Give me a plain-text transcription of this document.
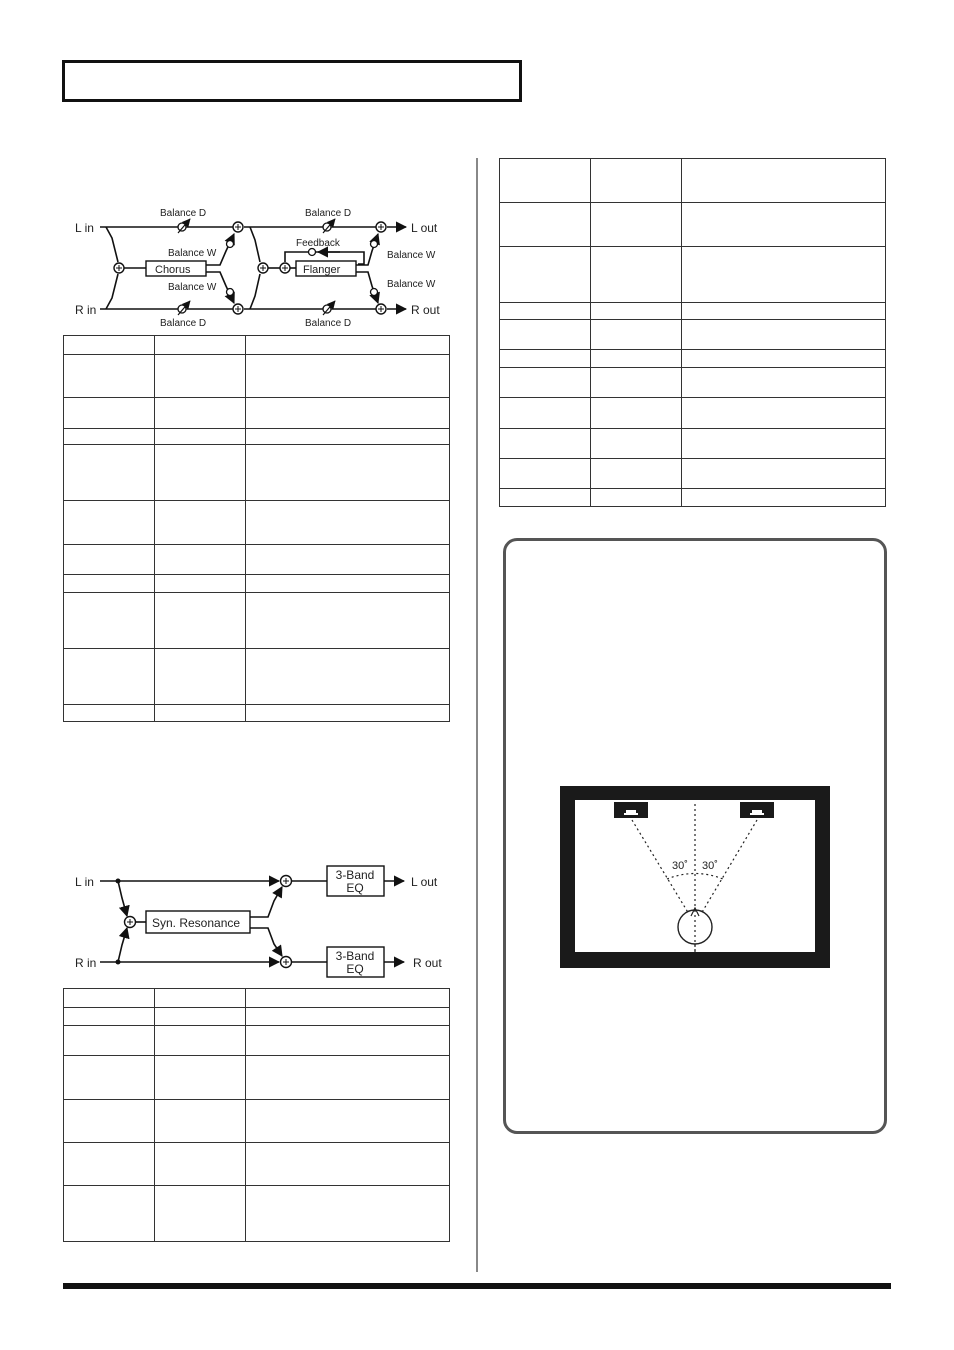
L in
R in
L out
R out
Balance D	Balance D
Balance D	Balance D
Balance W
Balance W
Balance W
Balance W
Feedback
Chorus	Flanger
L in
R in
L out
R out
Syn. Resonance
3-Band
EQ
3-Band
EQ

30˚ 30˚
